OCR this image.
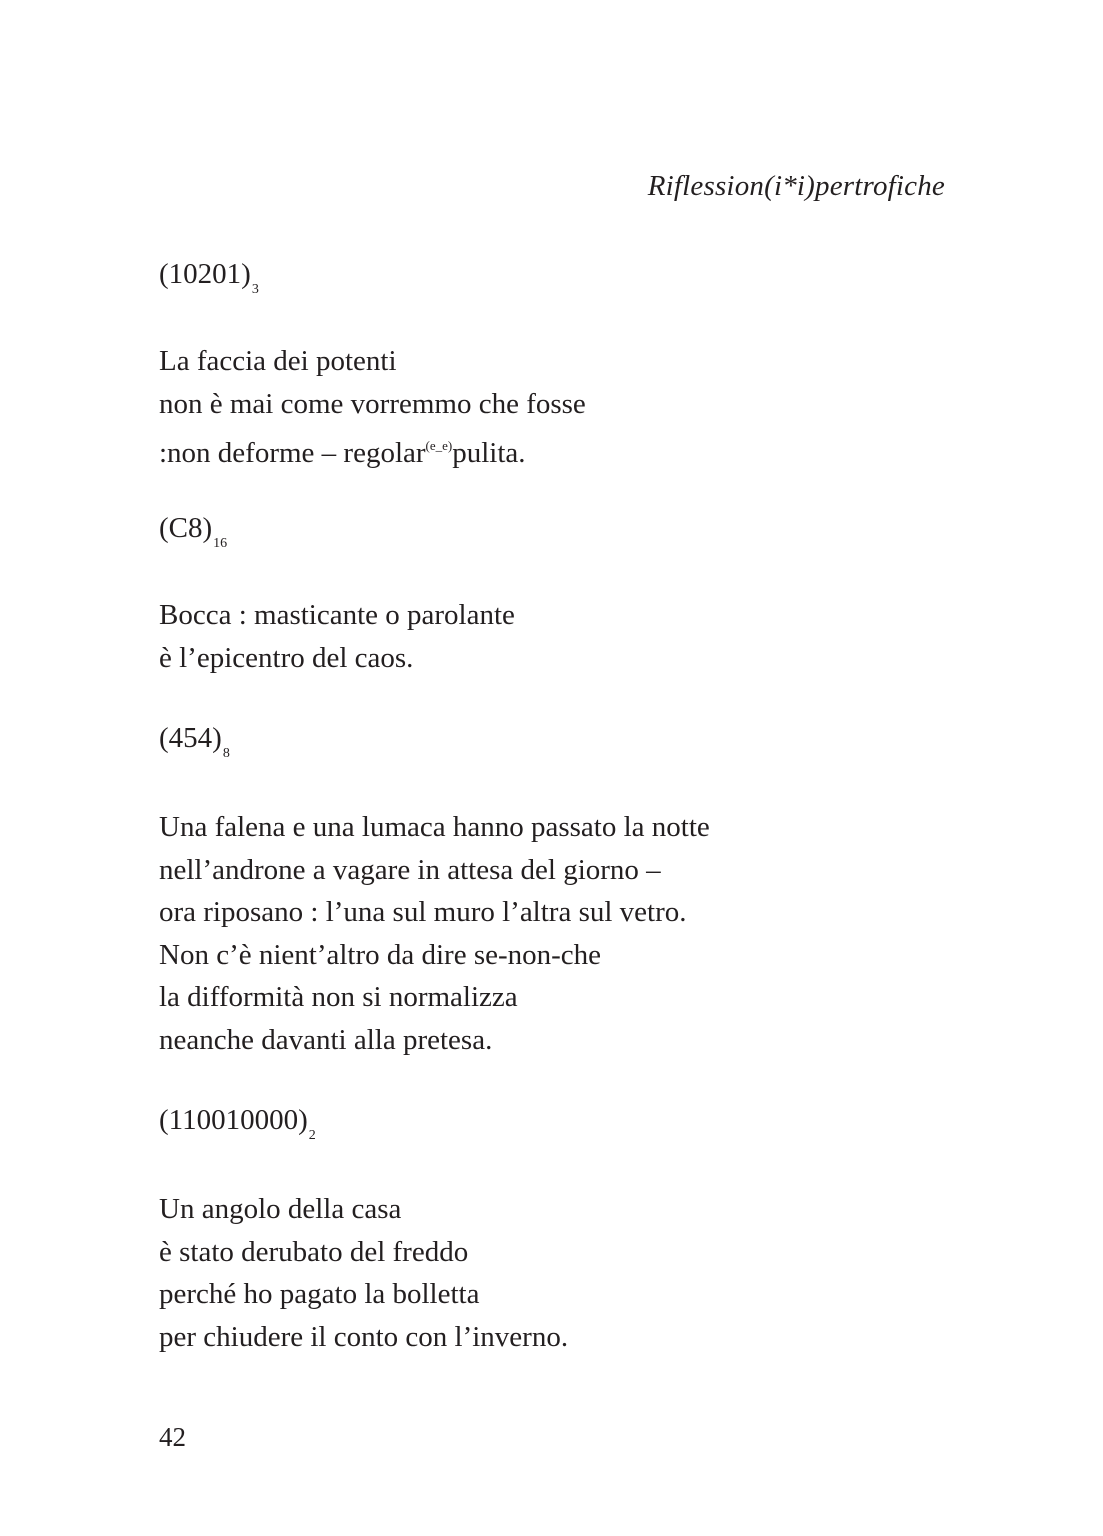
Riflession(i*i)pertrofiche
$(10201)_3$
La faccia dei potenti
non è mai come vorremmo che fosse
:non deforme – regolar$^{(e\_e)}$pulita.
$(C8)_{16}$
Bocca : masticante o parolante
è l’epicentro del caos.
$(454)_8$
Una falena e una lumaca hanno passato la notte
nell’androne a vagare in attesa del giorno –
ora riposano : l’una sul muro l’altra sul vetro.
Non c’è nient’altro da dire se-non-che
la difformità non si normalizza
neanche davanti alla pretesa.
$(110010000)_2$
Un angolo della casa
è stato derubato del freddo
perché ho pagato la bolletta
per chiudere il conto con l’inverno.
42
